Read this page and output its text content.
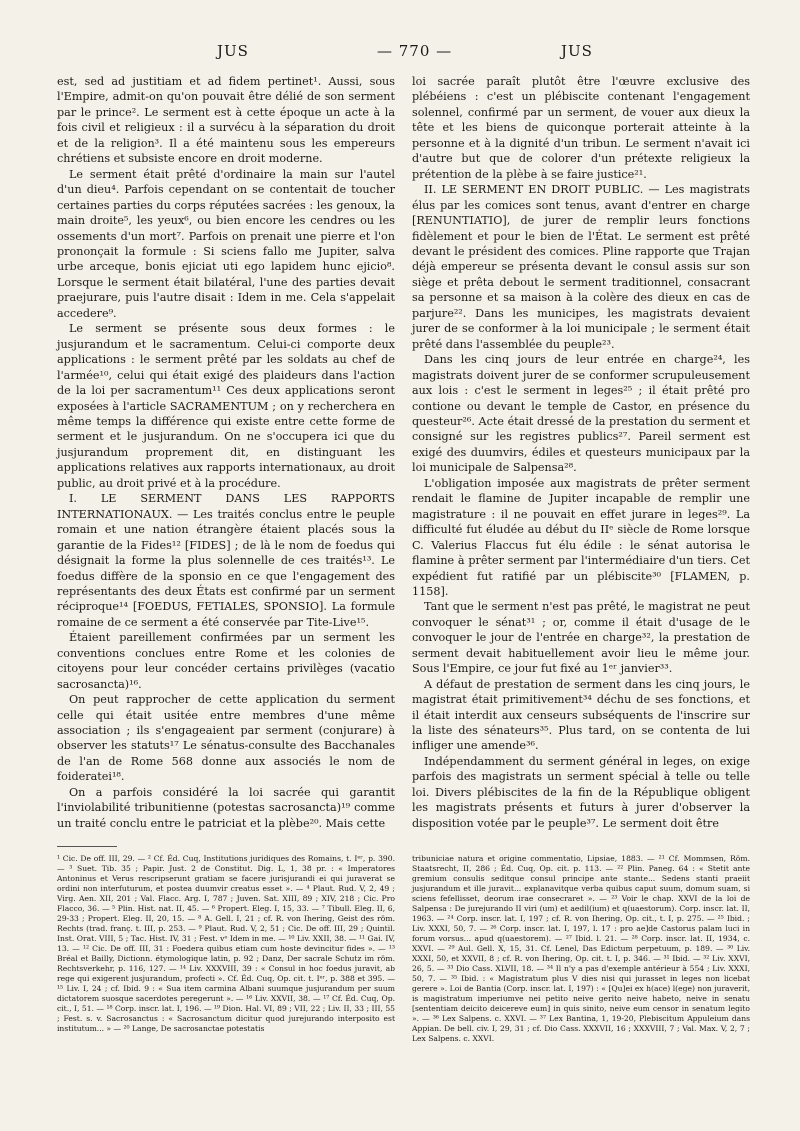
JUS	— 770 —	JUS

est, sed ad justitiam et ad fidem pertinet¹. Aussi, sous l'Empire, admit-on qu'on pouvait être délié de son serment par le prince². Le serment est à cette époque un acte à la fois civil et religieux : il a survécu à la séparation du droit et de la religion³. Il a été maintenu sous les empereurs chrétiens et subsiste encore en droit moderne.

Le serment était prêté d'ordinaire la main sur l'autel d'un dieu⁴. Parfois cependant on se contentait de toucher certaines parties du corps réputées sacrées : les genoux, la main droite⁵, les yeux⁶, ou bien encore les cendres ou les ossements d'un mort⁷. Parfois on prenait une pierre et l'on prononçait la formule : Si sciens fallo me Jupiter, salva urbe arceque, bonis ejiciat uti ego lapidem hunc ejicio⁸. Lorsque le serment était bilatéral, l'une des parties devait praejurare, puis l'autre disait : Idem in me. Cela s'appelait accedere⁹.

Le serment se présente sous deux formes : le jusjurandum et le sacramentum. Celui-ci comporte deux applications : le serment prêté par les soldats au chef de l'armée¹⁰, celui qui était exigé des plaideurs dans l'action de la loi per sacramentum¹¹ Ces deux applications seront exposées à l'article SACRAMENTUM ; on y recherchera en même temps la différence qui existe entre cette forme de serment et le jusjurandum. On ne s'occupera ici que du jusjurandum proprement dit, en distinguant les applications relatives aux rapports internationaux, au droit public, au droit privé et à la procédure.

I. LE SERMENT DANS LES RAPPORTS INTERNATIONAUX. — Les traités conclus entre le peuple romain et une nation étrangère étaient placés sous la garantie de la Fides¹² [FIDES] ; de là le nom de foedus qui désignait la forme la plus solennelle de ces traités¹³. Le foedus diffère de la sponsio en ce que l'engagement des représentants des deux États est confirmé par un serment réciproque¹⁴ [FOEDUS, FETIALES, SPONSIO]. La formule romaine de ce serment a été conservée par Tite-Live¹⁵.

Étaient pareillement confirmées par un serment les conventions conclues entre Rome et les colonies de citoyens pour leur concéder certains privilèges (vacatio sacrosancta)¹⁶.

On peut rapprocher de cette application du serment celle qui était usitée entre membres d'une même association ; ils s'engageaient par serment (conjurare) à observer les statuts¹⁷ Le sénatus-consulte des Bacchanales de l'an de Rome 568 donne aux associés le nom de foideratei¹⁸.

On a parfois considéré la loi sacrée qui garantit l'inviolabilité tribunitienne (potestas sacrosancta)¹⁹ comme un traité conclu entre le patriciat et la plèbe²⁰. Mais cette

loi sacrée paraît plutôt être l'œuvre exclusive des plébéiens : c'est un plébiscite contenant l'engagement solennel, confirmé par un serment, de vouer aux dieux la tête et les biens de quiconque porterait atteinte à la personne et à la dignité d'un tribun. Le serment n'avait ici d'autre but que de colorer d'un prétexte religieux la prétention de la plèbe à se faire justice²¹.

II. LE SERMENT EN DROIT PUBLIC. — Les magistrats élus par les comices sont tenus, avant d'entrer en charge [RENUNTIATIO], de jurer de remplir leurs fonctions fidèlement et pour le bien de l'État. Le serment est prêté devant le président des comices. Pline rapporte que Trajan déjà empereur se présenta devant le consul assis sur son siège et prêta debout le serment traditionnel, consacrant sa personne et sa maison à la colère des dieux en cas de parjure²². Dans les municipes, les magistrats devaient jurer de se conformer à la loi municipale ; le serment était prêté dans l'assemblée du peuple²³.

Dans les cinq jours de leur entrée en charge²⁴, les magistrats doivent jurer de se conformer scrupuleusement aux lois : c'est le serment in leges²⁵ ; il était prêté pro contione ou devant le temple de Castor, en présence du questeur²⁶. Acte était dressé de la prestation du serment et consigné sur les registres publics²⁷. Pareil serment est exigé des duumvirs, édiles et questeurs municipaux par la loi municipale de Salpensa²⁸.

L'obligation imposée aux magistrats de prêter serment rendait le flamine de Jupiter incapable de remplir une magistrature : il ne pouvait en effet jurare in leges²⁹. La difficulté fut éludée au début du IIᵉ siècle de Rome lorsque C. Valerius Flaccus fut élu édile : le sénat autorisa le flamine à prêter serment par l'intermédiaire d'un tiers. Cet expédient fut ratifié par un plébiscite³⁰ [FLAMEN, p. 1158].

Tant que le serment n'est pas prêté, le magistrat ne peut convoquer le sénat³¹ ; or, comme il était d'usage de le convoquer le jour de l'entrée en charge³², la prestation de serment devait habituellement avoir lieu le même jour. Sous l'Empire, ce jour fut fixé au 1ᵉʳ janvier³³.

A défaut de prestation de serment dans les cinq jours, le magistrat était primitivement³⁴ déchu de ses fonctions, et il était interdit aux censeurs subséquents de l'inscrire sur la liste des sénateurs³⁵. Plus tard, on se contenta de lui infliger une amende³⁶.

Indépendamment du serment général in leges, on exige parfois des magistrats un serment spécial à telle ou telle loi. Divers plébiscites de la fin de la République obligent les magistrats présents et futurs à jurer d'observer la disposition votée par le peuple³⁷. Le serment doit être

¹ Cic. De off. III, 29. — ² Cf. Éd. Cuq, Institutions juridiques des Romains, t. Iᵉʳ, p. 390. — ³ Suet. Tib. 35 ; Papir. Just. 2 de Constitut. Dig. L, 1, 38 pr. : « Imperatores Antoninus et Verus rescripserunt gratiam se facere jurisjurandi ei qui juraverat se ordini non interfuturum, et postea duumvir creatus esset ». — ⁴ Plaut. Rud. V, 2, 49 ; Virg. Aen. XII, 201 ; Val. Flacc. Arg. I, 787 ; Juven. Sat. XIII, 89 ; XIV, 218 ; Cic. Pro Flacco, 36. — ⁵ Plin. Hist. nat. II, 45. — ⁶ Propert. Eleg. I, 15, 33. — ⁷ Tibull. Eleg. II, 6, 29-33 ; Propert. Eleg. II, 20, 15. — ⁸ A. Gell. I, 21 ; cf. R. von Ihering, Geist des röm. Rechts (trad. franç. t. III, p. 253. — ⁹ Plaut. Rud. V, 2, 51 ; Cic. De off. III, 29 ; Quintil. Inst. Orat. VIII, 5 ; Tac. Hist. IV, 31 ; Fest. vᵒ Idem in me. — ¹⁰ Liv. XXII, 38. — ¹¹ Gai. IV, 13. — ¹² Cic. De off. III, 31 : Foedera quibus etiam cum hoste devincitur fides ». — ¹³ Bréal et Bailly, Dictionn. étymologique latin, p. 92 ; Danz, Der sacrale Schutz im röm. Rechtsverkehr, p. 116, 127. — ¹⁴ Liv. XXXVIII, 39 : « Consul in hoc foedus juravit, ab rege qui exigerent jusjurandum, profecti ». Cf. Éd. Cuq, Op. cit. t. Iᵉʳ, p. 388 et 395. — ¹⁵ Liv. I, 24 ; cf. Ibid. 9 : « Sua item carmina Albani suumque jusjurandum per suum dictatorem suosque sacerdotes peregerunt ». — ¹⁶ Liv. XXVII, 38. — ¹⁷ Cf. Éd. Cuq, Op. cit., I, 51. — ¹⁸ Corp. inscr. lat. I, 196. — ¹⁹ Dion. Hal. VI, 89 ; VII, 22 ; Liv. II, 33 ; III, 55 ; Fest. s. v. Sacrosanctus : « Sacrosanctum dicitur quod jurejurando interposito est institutum... » — ²⁰ Lange, De sacrosanctae potestatis

tribuniciae natura et origine commentatio, Lipsiae, 1883. — ²¹ Cf. Mommsen, Röm. Staatsrecht, II, 286 ; Éd. Cuq, Op. cit. p. 113. — ²² Plin. Paneg. 64 : « Stetit ante gremium consulis seditque consul principe ante stante... Sedens stanti praeiit jusjurandum et ille juravit... explanavitque verba quibus caput suum, domum suam, si sciens fefellisset, deorum irae consecraret ». — ²³ Voir le chap. XXVI de la loi de Salpensa : De jurejurando II viri (um) et aedil(ium) et q(uaestorum). Corp. inscr. lat. II, 1963. — ²⁴ Corp. inscr. lat. I, 197 ; cf. R. von Ihering, Op. cit., t. I, p. 275. — ²⁵ Ibid. ; Liv. XXXI, 50, 7. — ²⁶ Corp. inscr. lat. I, 197, l. 17 : pro ae]de Castorus palam luci in forum vorsus... apud q(uaestorem). — ²⁷ Ibid. l. 21. — ²⁸ Corp. inscr. lat. II, 1934, c. XXVI. — ²⁹ Aul. Gell. X, 15, 31. Cf. Lenel, Das Edictum perpetuum, p. 189. — ³⁰ Liv. XXXI, 50, et XXVII, 8 ; cf. R. von Ihering, Op. cit. t. I, p. 346. — ³¹ Ibid. — ³² Liv. XXVI, 26, 5. — ³³ Dio Cass. XLVII, 18. — ³⁴ Il n'y a pas d'exemple antérieur à 554 ; Liv. XXXI, 50, 7. — ³⁵ Ibid. : « Magistratum plus V dies nisi qui jurasset in leges non licebat gerere ». Loi de Bantia (Corp. inscr. lat. I, 197) : « [Qu]ei ex h(ace) l(ege) non juraverit, is magistratum imperiumve nei petito neive gerito neive habeto, neive in senatu [sententiam deicito deicereve eum] in quis sinito, neive eum censor in senatum legito ». — ³⁶ Lex Salpens. c. XXVI. — ³⁷ Lex Bantina, 1, 19-20, Plebiscitum Appuleium dans Appian. De bell. civ. I, 29, 31 ; cf. Dio Cass. XXXVII, 16 ; XXXVIII, 7 ; Val. Max. V, 2, 7 ; Lex Salpens. c. XXVI.
